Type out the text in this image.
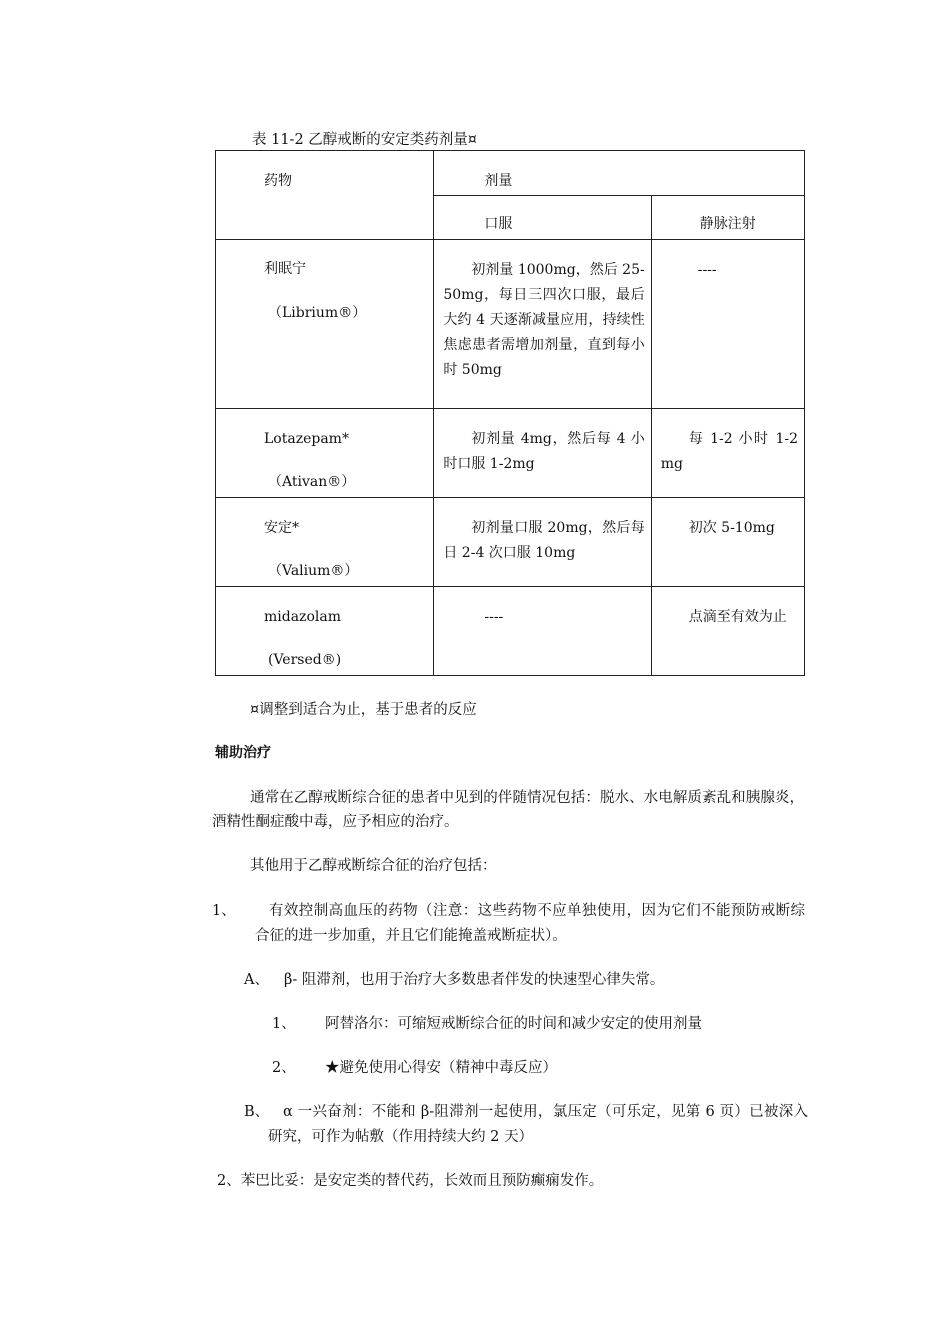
表 11-2 乙醇戒断的安定类药剂量¤
药物	剂量	

	口服	静脉注射

利眠宁
（Librium®）	初剂量 1000mg，然后 25-50mg，每日三四次口服，最后大约 4 天逐渐减量应用，持续性焦虑患者需增加剂量，直到每小时 50mg	----

Lotazepam*
（Ativan®）	初剂量 4mg，然后每 4 小时口服 1-2mg	每 1-2 小时 1-2mg

安定*
（Valium®）	初剂量口服 20mg，然后每日 2-4 次口服 10mg	初次 5-10mg

midazolam
(Versed®)	----	点滴至有效为止
¤调整到适合为止，基于患者的反应
辅助治疗
通常在乙醇戒断综合征的患者中见到的伴随情况包括：脱水、水电解质紊乱和胰腺炎，酒精性酮症酸中毒，应予相应的治疗。
其他用于乙醇戒断综合征的治疗包括：
1、	有效控制高血压的药物（注意：这些药物不应单独使用，因为它们不能预防戒断综合征的进一步加重，并且它们能掩盖戒断症状）。
A、 β- 阻滞剂，也用于治疗大多数患者伴发的快速型心律失常。
1、 阿替洛尔：可缩短戒断综合征的时间和减少安定的使用剂量
2、 ★避免使用心得安（精神中毒反应）
B、 α 一兴奋剂：不能和 β-阻滞剂一起使用，氯压定（可乐定，见第 6 页）已被深入研究，可作为帖敷（作用持续大约 2 天）
2、苯巴比妥：是安定类的替代药，长效而且预防癫痫发作。
